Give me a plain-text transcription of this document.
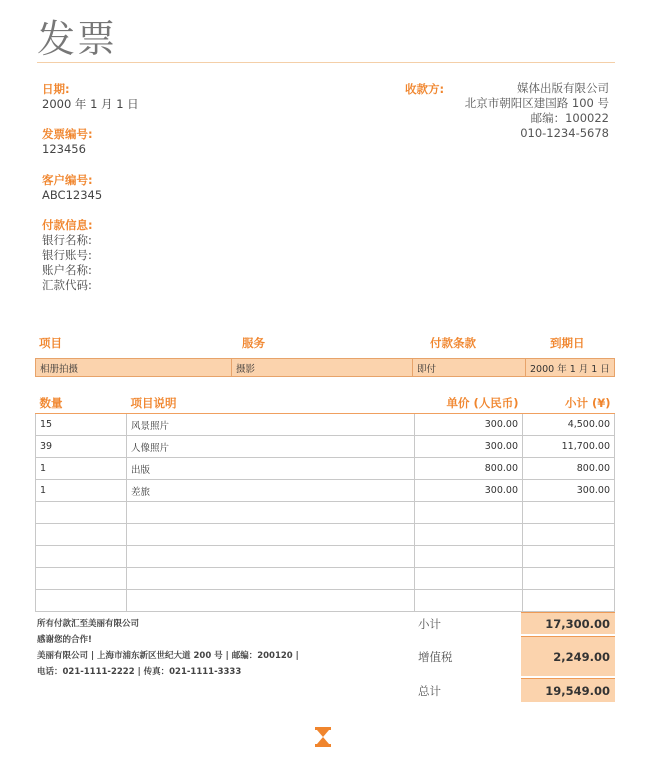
发票
日期:
2000 年 1 月 1 日
发票编号:
123456
客户编号:
ABC12345
付款信息:
银行名称:
银行账号:
账户名称:
汇款代码:
收款方:	媒体出版有限公司
北京市朝阳区建国路 100 号
邮编：100022
010-1234-5678
项目	服务	付款条款	到期日
相册拍摄	摄影	即付	2000 年 1 月 1 日
数量	项目说明	单价 (人民币)	小计 (¥)
15	风景照片	300.00	4,500.00
39	人像照片	300.00	11,700.00
1	出版	800.00	800.00
1	差旅	300.00	300.00

所有付款汇至美丽有限公司
感谢您的合作!
美丽有限公司 | 上海市浦东新区世纪大道 200 号 | 邮编：200120 |
电话：021-1111-2222 | 传真：021-1111-3333
小计	17,300.00
增值税	2,249.00
总计	19,549.00
